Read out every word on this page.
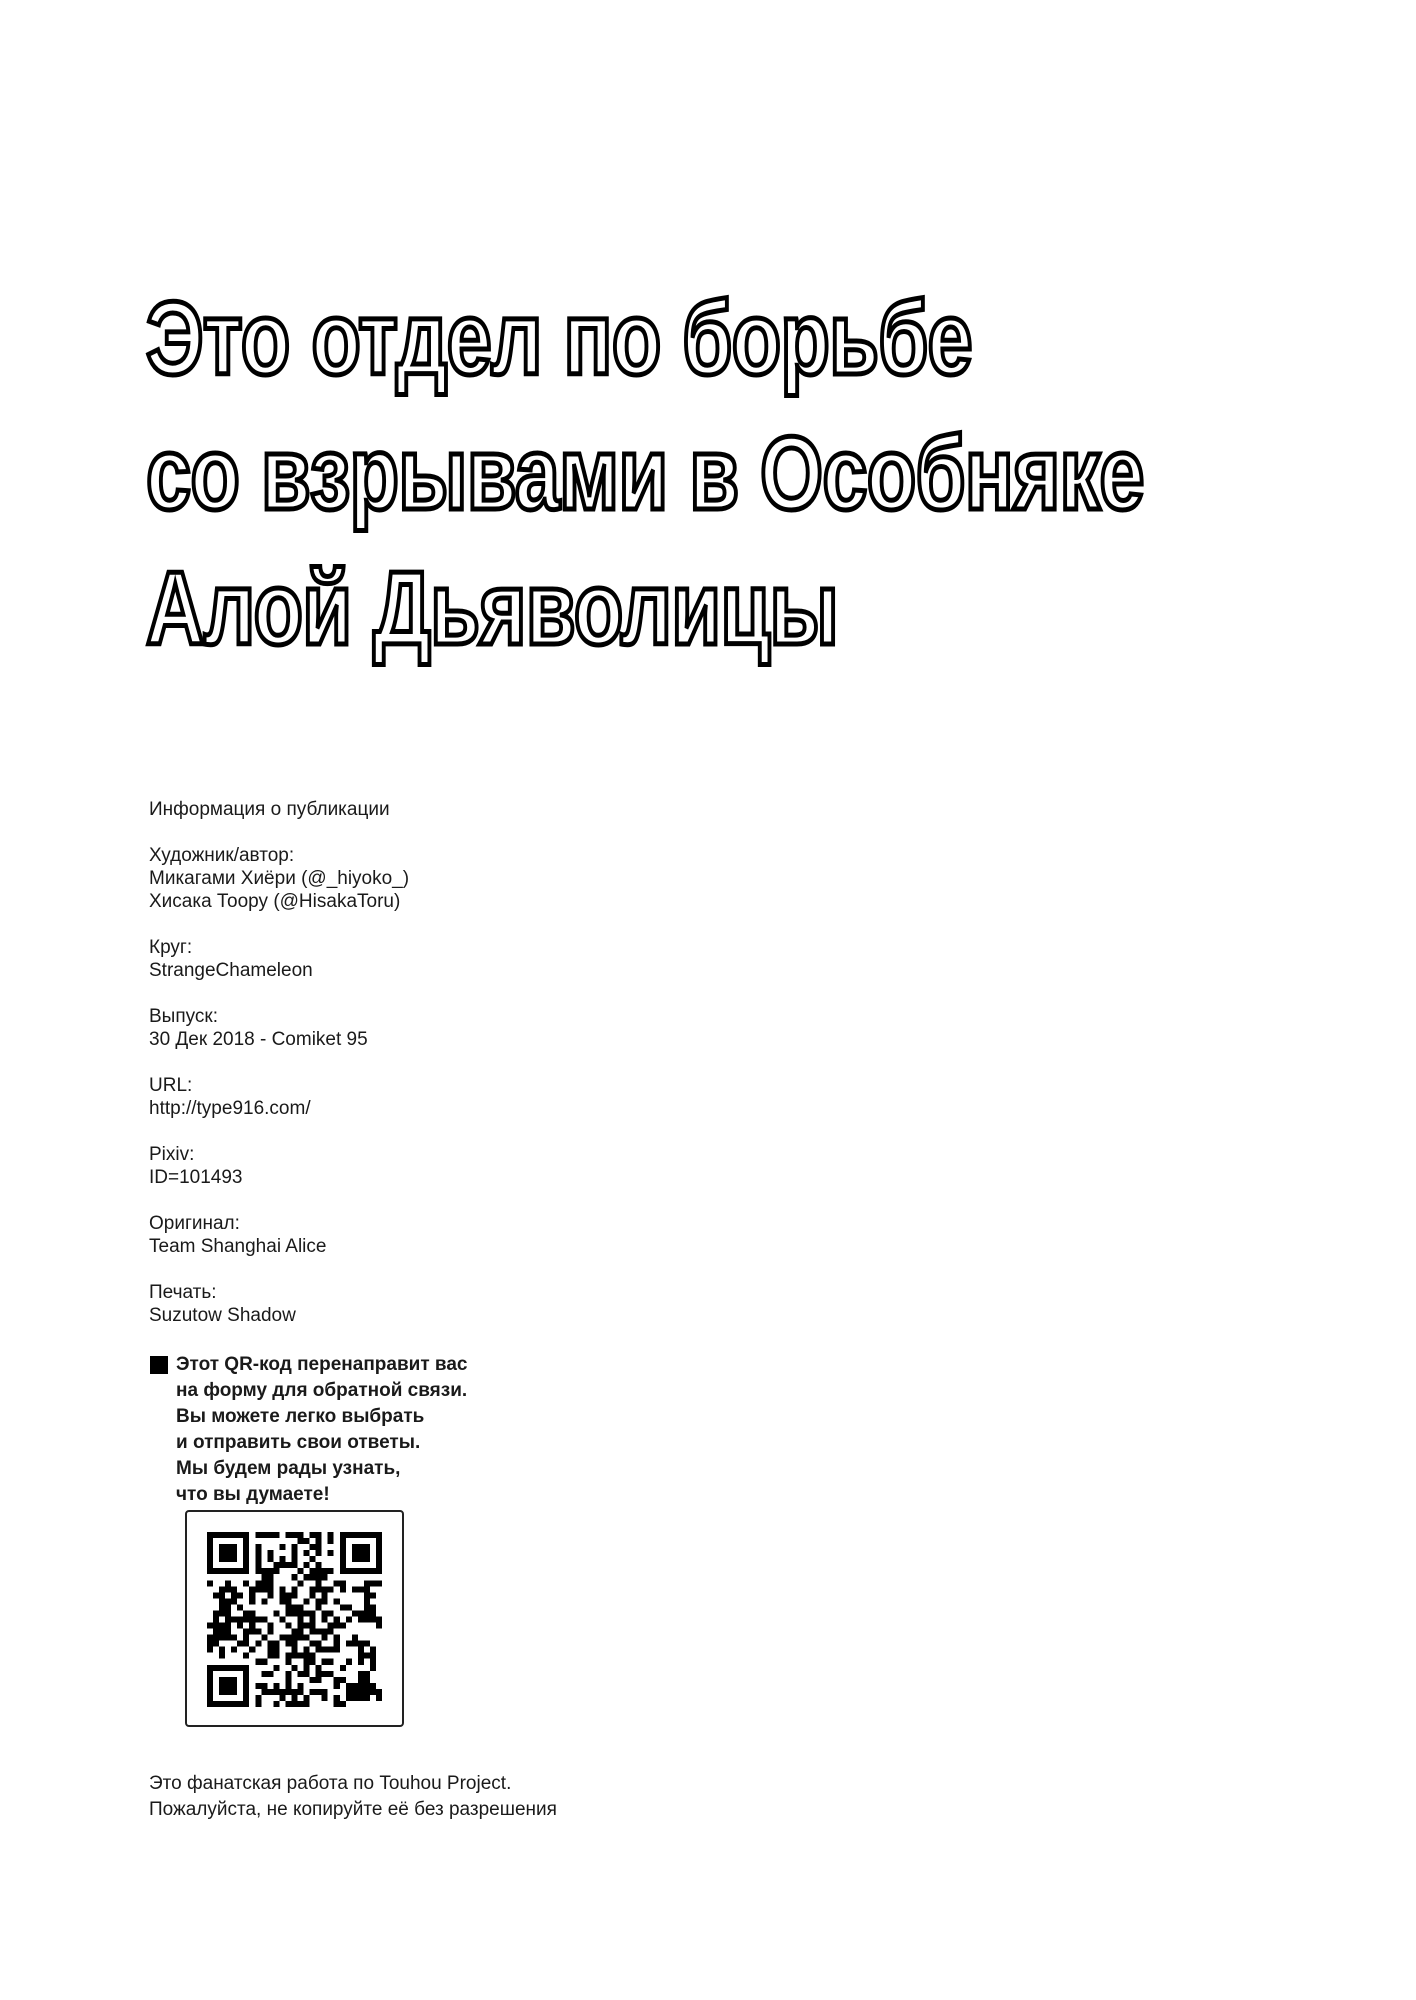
Это отдел по борьбе
со взрывами в Особняке
Алой Дьяволицы
Информация о публикации
Художник/автор:
Микагами Хиёри (@_hiyoko_)
Хисака Тоору (@HisakaToru)
Круг:
StrangeChameleon
Выпуск:
30 Дек 2018 - Comiket 95
URL:
http://type916.com/
Pixiv:
ID=101493
Оригинал:
Team Shanghai Alice
Печать:
Suzutow Shadow
Этот QR-код перенаправит вас
на форму для обратной связи.
Вы можете легко выбрать
и отправить свои ответы.
Мы будем рады узнать,
что вы думаете!
Это фанатская работа по Touhou Project.
Пожалуйста, не копируйте её без разрешения
